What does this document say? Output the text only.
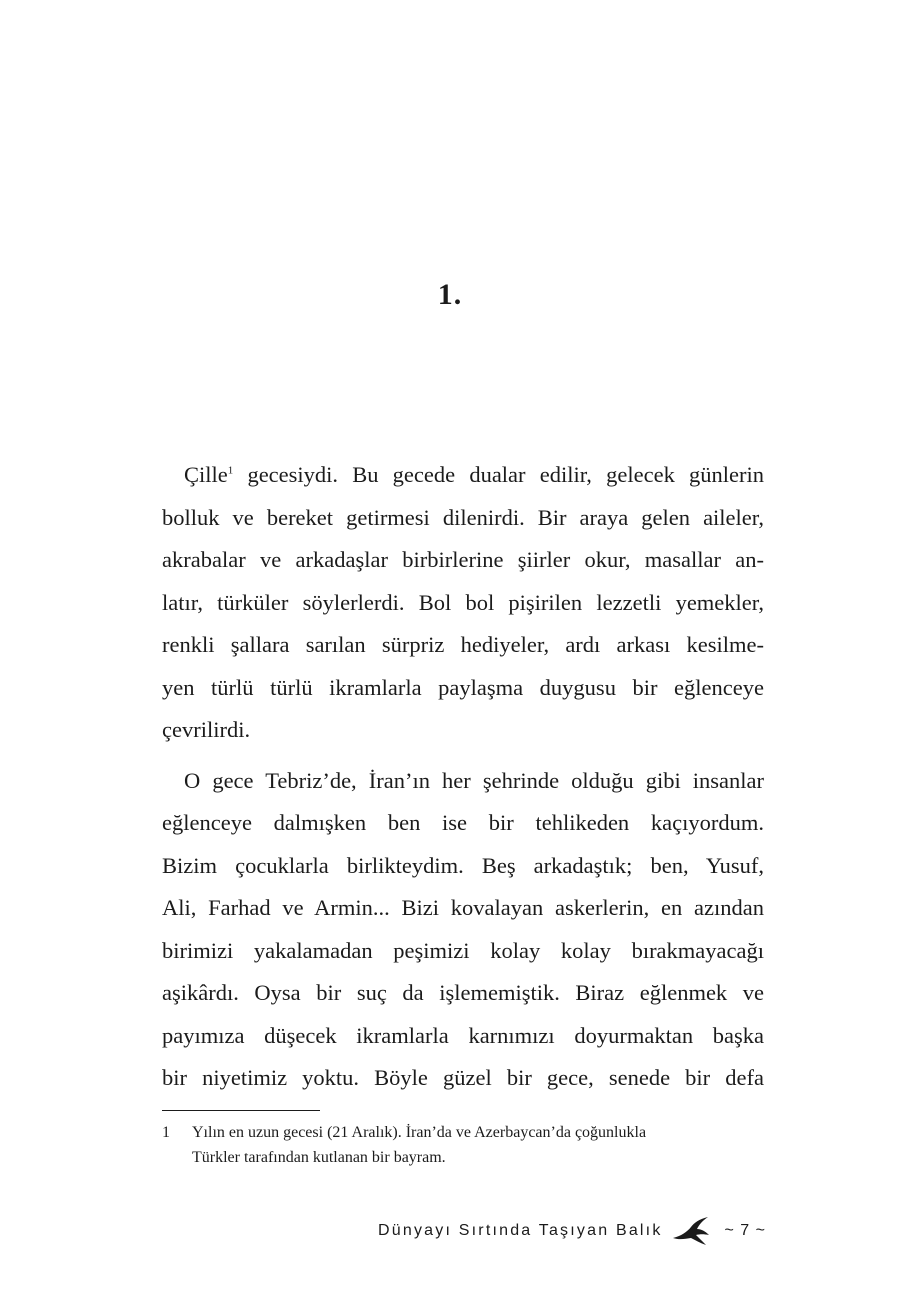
1.
Çille$^1$ gecesiydi. Bu gecede dualar edilir, gelecek günlerin
bolluk ve bereket getirmesi dilenirdi. Bir araya gelen aileler,
akrabalar ve arkadaşlar birbirlerine şiirler okur, masallar an-
latır, türküler söylerlerdi. Bol bol pişirilen lezzetli yemekler,
renkli şallara sarılan sürpriz hediyeler, ardı arkası kesilme-
yen türlü türlü ikramlarla paylaşma duygusu bir eğlenceye
çevrilirdi.
O gece Tebriz’de, İran’ın her şehrinde olduğu gibi insanlar
eğlenceye dalmışken ben ise bir tehlikeden kaçıyordum.
Bizim çocuklarla birlikteydim. Beş arkadaştık; ben, Yusuf,
Ali, Farhad ve Armin... Bizi kovalayan askerlerin, en azından
birimizi yakalamadan peşimizi kolay kolay bırakmayacağı
aşikârdı. Oysa bir suç da işlememiştik. Biraz eğlenmek ve
payımıza düşecek ikramlarla karnımızı doyurmaktan başka
bir niyetimiz yoktu. Böyle güzel bir gece, senede bir defa
1 Yılın en uzun gecesi (21 Aralık). İran’da ve Azerbaycan’da çoğunlukla
Türkler tarafından kutlanan bir bayram.
Dünyayı Sırtında Taşıyan Balık	~ 7 ~
